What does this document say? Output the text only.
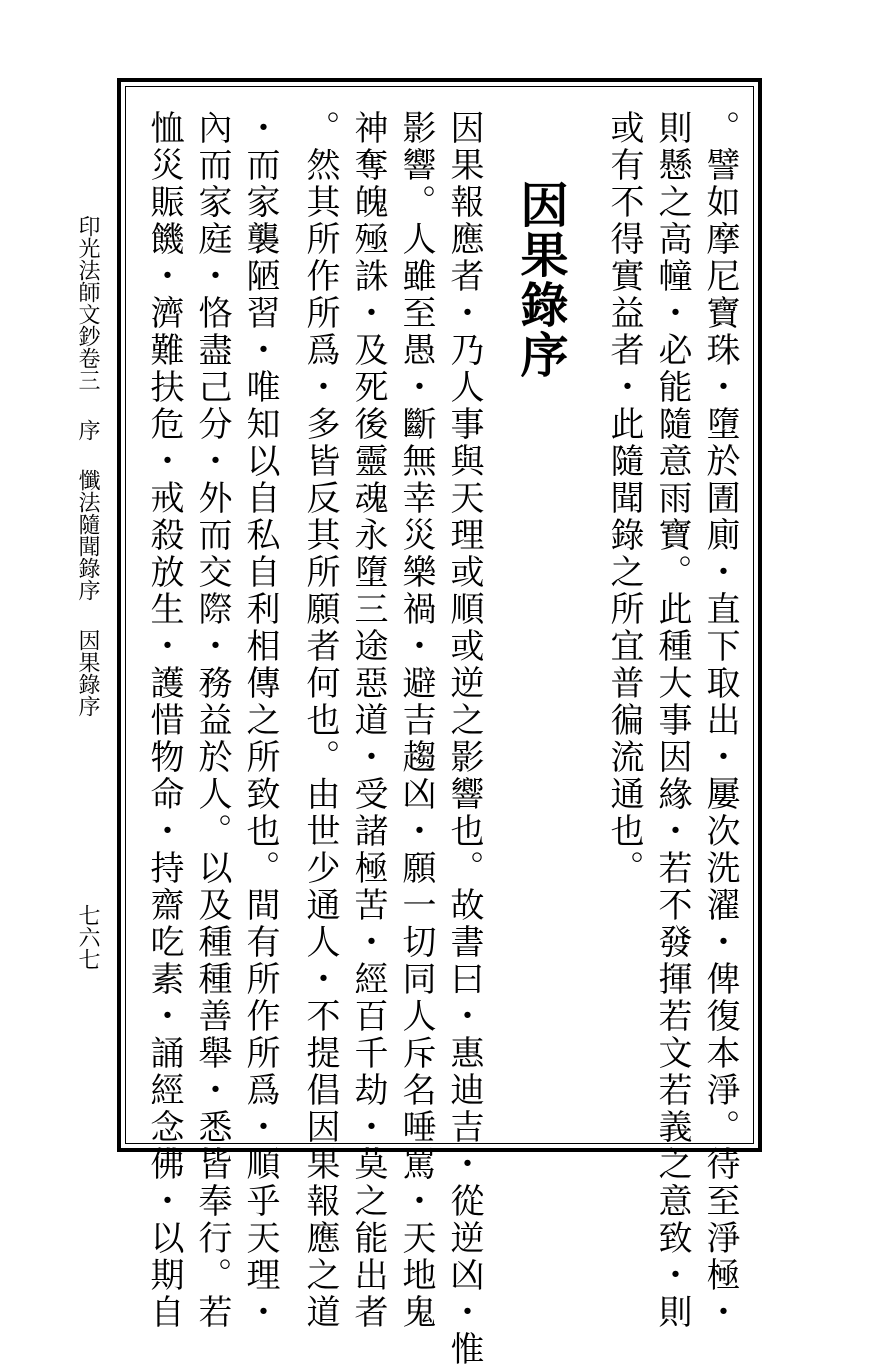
印光法師文鈔卷三序懺法隨聞錄序因果錄序
七六七	。譬如摩尼寶珠・墮於圊廁・直下取出・屢次洗濯・俾復本淨。待至淨極・
則懸之高幢・必能隨意雨寶。此種大事因緣・若不發揮若文若義之意致・則
或有不得實益者・此隨聞錄之所宜普徧流通也。
因果錄序
因果報應者・乃人事與天理或順或逆之影響也。故書曰・惠迪吉・從逆凶・惟
影響。人雖至愚・斷無幸災樂禍・避吉趨凶・願一切同人斥名唾罵・天地鬼
神奪魄殛誅・及死後靈魂永墮三途惡道・受諸極苦・經百千劫・莫之能出者
。然其所作所爲・多皆反其所願者何也。由世少通人・不提倡因果報應之道
・而家襲陋習・唯知以自私自利相傳之所致也。間有所作所爲・順乎天理・
內而家庭・恪盡己分・外而交際・務益於人。以及種種善舉・悉皆奉行。若
恤災賑饑・濟難扶危・戒殺放生・護惜物命・持齋吃素・誦經念佛・以期自
